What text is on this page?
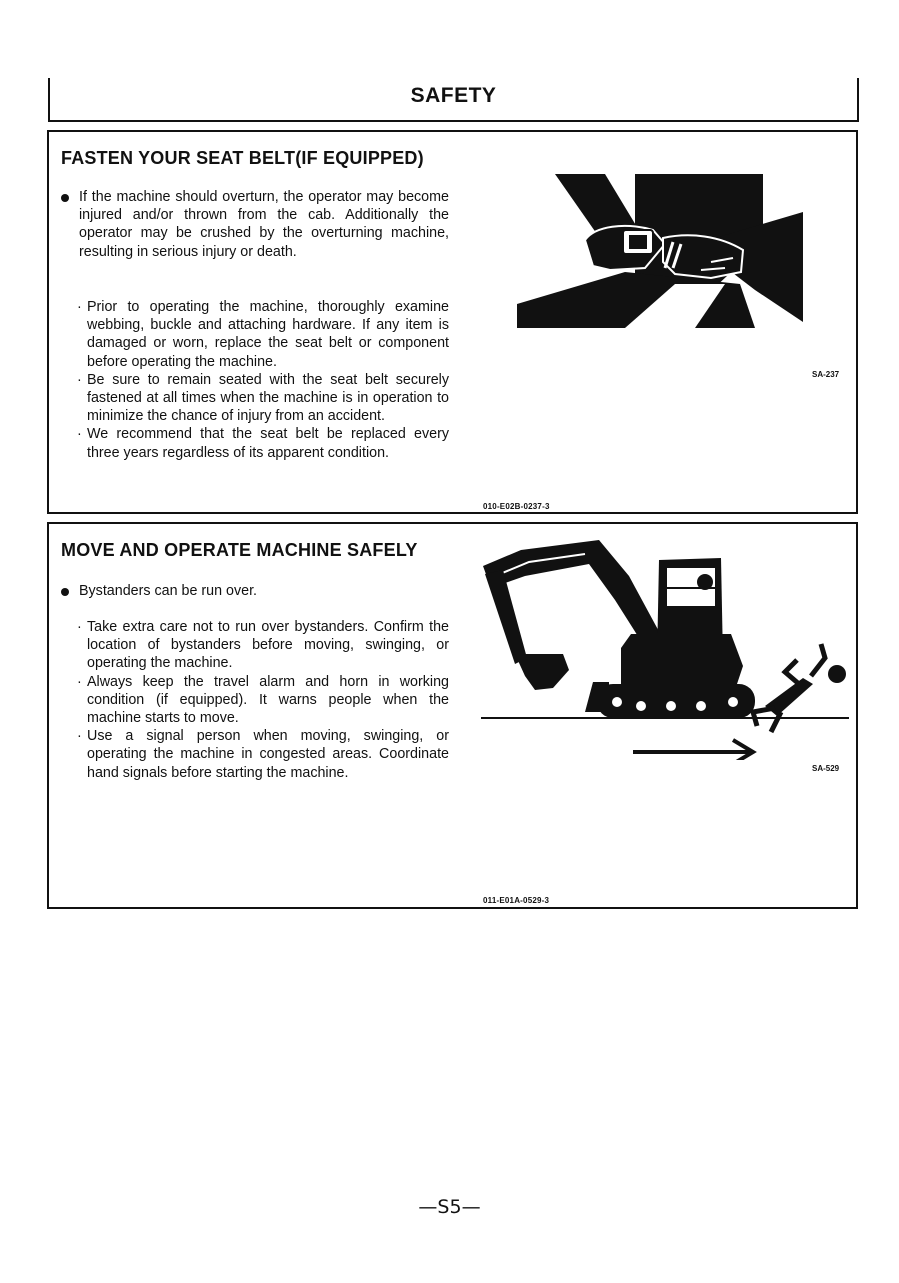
SAFETY
FASTEN YOUR SEAT BELT(IF EQUIPPED)
If the machine should overturn, the operator may become injured and/or thrown from the cab. Additionally the operator may be crushed by the overturning machine, resulting in serious injury or death.
· Prior to operating the machine, thoroughly examine webbing, buckle and attaching hardware. If any item is damaged or worn, replace the seat belt or component before operating the machine.
· Be sure to remain seated with the seat belt securely fastened at all times when the machine is in operation to minimize the chance of injury from an accident.
· We recommend that the seat belt be replaced every three years regardless of its apparent condition.
SA-237
010-E02B-0237-3
MOVE AND OPERATE MACHINE SAFELY
Bystanders can be run over.
· Take extra care not to run over bystanders. Confirm the location of bystanders before moving, swinging, or operating the machine.
· Always keep the travel alarm and horn in working condition (if equipped). It warns people when the machine starts to move.
· Use a signal person when moving, swinging, or operating the machine in congested areas. Coordinate hand signals before starting the machine.	SA-529
011-E01A-0529-3
—S5—
